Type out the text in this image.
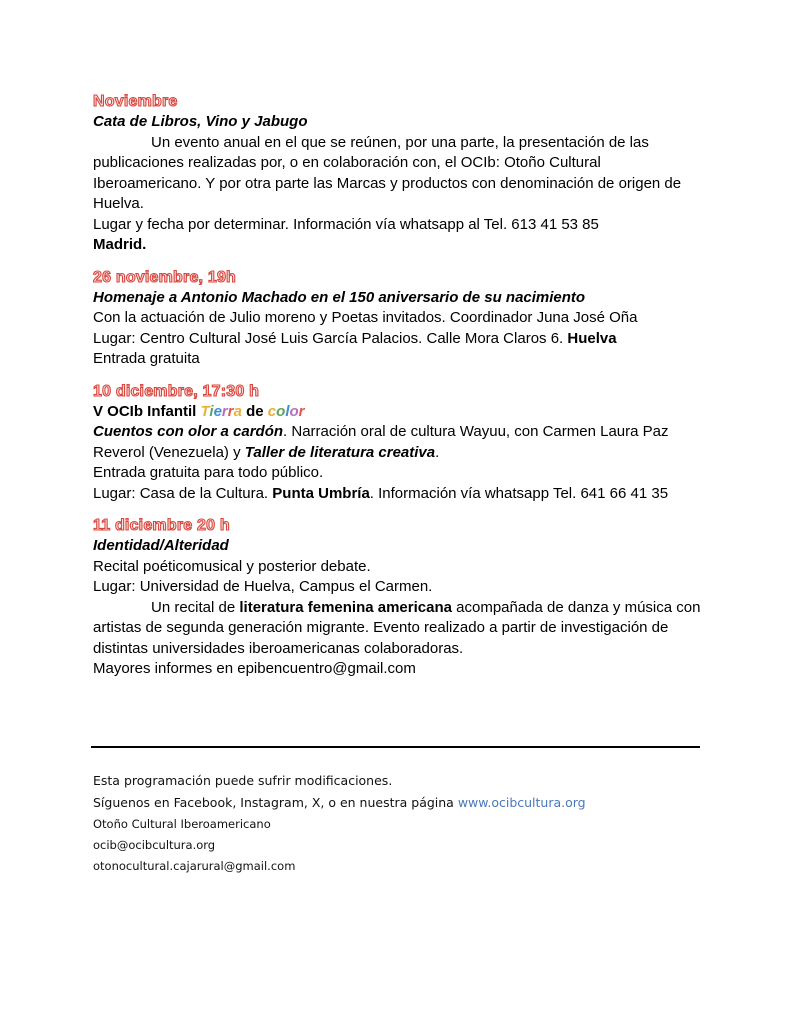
Noviembre

Cata de Libros, Vino y Jabugo

Un evento anual en el que se reúnen, por una parte, la presentación de las publicaciones realizadas por, o en colaboración con, el OCIb: Otoño Cultural Iberoamericano. Y por otra parte las Marcas y productos con denominación de origen de Huelva.

Lugar y fecha por determinar. Información vía whatsapp al Tel. 613 41 53 85

Madrid.

26 noviembre, 19h

Homenaje a Antonio Machado en el 150 aniversario de su nacimiento

Con la actuación de Julio moreno y Poetas invitados. Coordinador Juna José Oña

Lugar: Centro Cultural José Luis García Palacios. Calle Mora Claros 6. Huelva

Entrada gratuita

10 diciembre, 17:30 h

V OCIb Infantil Tierra de color

Cuentos con olor a cardón. Narración oral de cultura Wayuu, con Carmen Laura Paz Reverol (Venezuela) y Taller de literatura creativa.

Entrada gratuita para todo público.

Lugar: Casa de la Cultura. Punta Umbría. Información vía whatsapp Tel. 641 66 41 35

11 diciembre 20 h

Identidad/Alteridad

Recital poéticomusical y posterior debate.

Lugar: Universidad de Huelva, Campus el Carmen.

Un recital de literatura femenina americana acompañada de danza y música con artistas de segunda generación migrante. Evento realizado a partir de investigación de distintas universidades iberoamericanas colaboradoras.

Mayores informes en epibencuentro@gmail.com

Esta programación puede sufrir modificaciones.

Síguenos en Facebook, Instagram, X, o en nuestra página www.ocibcultura.org

Otoño Cultural Iberoamericano

ocib@ocibcultura.org

otonocultural.cajarural@gmail.com
